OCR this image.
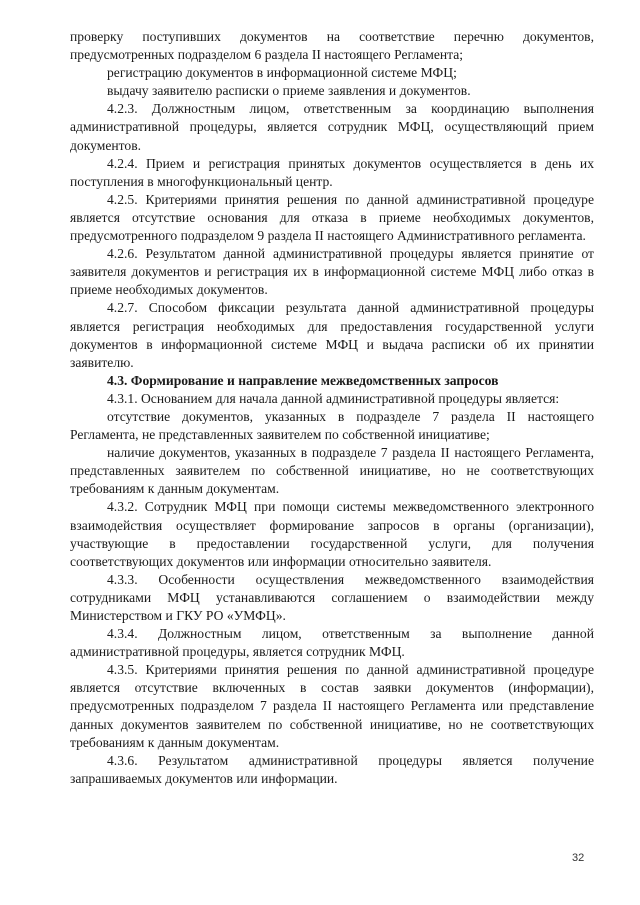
проверку поступивших документов на соответствие перечню документов, предусмотренных подразделом 6 раздела II настоящего Регламента;

регистрацию документов в информационной системе МФЦ;

выдачу заявителю расписки о приеме заявления и документов.

4.2.3. Должностным лицом, ответственным за координацию выполнения административной процедуры, является сотрудник МФЦ, осуществляющий прием документов.

4.2.4. Прием и регистрация принятых документов осуществляется в день их поступления в многофункциональный центр.

4.2.5. Критериями принятия решения по данной административной процедуре является отсутствие основания для отказа в приеме необходимых документов, предусмотренного подразделом 9 раздела II настоящего Административного регламента.

4.2.6. Результатом данной административной процедуры является принятие от заявителя документов и регистрация их в информационной системе МФЦ либо отказ в приеме необходимых документов.

4.2.7. Способом фиксации результата данной административной процедуры является регистрация необходимых для предоставления государственной услуги документов в информационной системе МФЦ и выдача расписки об их принятии заявителю.

4.3. Формирование и направление межведомственных запросов

4.3.1. Основанием для начала данной административной процедуры является:

отсутствие документов, указанных в подразделе 7 раздела II настоящего Регламента, не представленных заявителем по собственной инициативе;

наличие документов, указанных в подразделе 7 раздела II настоящего Регламента, представленных заявителем по собственной инициативе, но не соответствующих требованиям к данным документам.

4.3.2. Сотрудник МФЦ при помощи системы межведомственного электронного взаимодействия осуществляет формирование запросов в органы (организации), участвующие в предоставлении государственной услуги, для получения соответствующих документов или информации относительно заявителя.

4.3.3. Особенности осуществления межведомственного взаимодействия сотрудниками МФЦ устанавливаются соглашением о взаимодействии между Министерством и ГКУ РО «УМФЦ».

4.3.4. Должностным лицом, ответственным за выполнение данной административной процедуры, является сотрудник МФЦ.

4.3.5. Критериями принятия решения по данной административной процедуре является отсутствие включенных в состав заявки документов (информации), предусмотренных подразделом 7 раздела II настоящего Регламента или представление данных документов заявителем по собственной инициативе, но не соответствующих требованиям к данным документам.

4.3.6. Результатом административной процедуры является получение запрашиваемых документов или информации.

32
